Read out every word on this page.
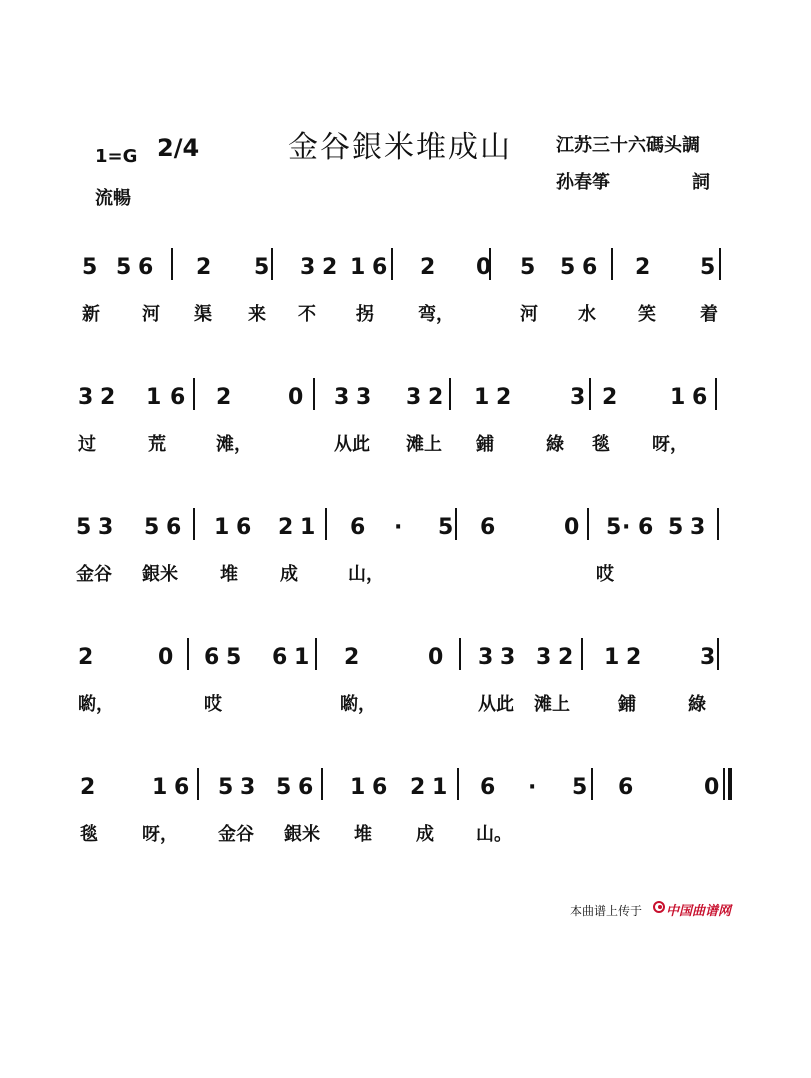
金谷銀米堆成山
1=G 2/4
流暢
江苏三十六碼头調
孙春筝	詞
5 5 6 2 5 3 2 1 6 2 0 5 5 6 2 5
新 河 渠 来 不 拐 弯，	河 水 笑 着
3 2 1 6 2	0 3 3 3 2 1 2	3 2 1 6
过	荒	滩，	从此 滩上 鋪	綠 毯 呀，
5 3 5 6 1 6 2 1 6 · 5 6	0 5 · 6 5 3
金谷 銀米 堆 成	山，	哎
2	0 6 5 6 1 2	0 3 3 3 2 1 2	3
喲，	哎	喲，	从此 滩上	鋪	綠
2	1 6 5 3 5 6 1 6 2 1 6 · 5 6	0
毯 呀， 金谷 銀米 堆 成 山。
本曲谱上传于 中国曲谱网
